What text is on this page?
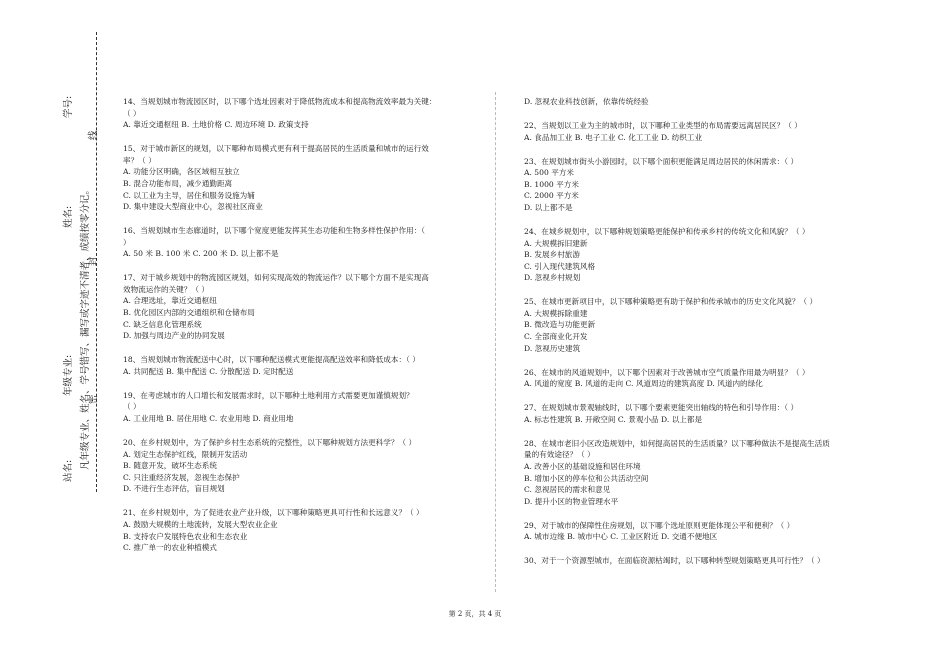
学号:
姓名:
年级专业:
站名:
凡年级专业、姓名、学号错写、漏写或字迹不清者，成绩按零分记。
密
封
线
14、当规划城市物流园区时，以下哪个选址因素对于降低物流成本和提高物流效率最为关键：
（ ）
A. 靠近交通枢纽 B. 土地价格 C. 周边环境 D. 政策支持
15、对于城市新区的规划，以下哪种布局模式更有利于提高居民的生活质量和城市的运行效
率？（ ）
A. 功能分区明确，各区域相互独立
B. 混合功能布局，减少通勤距离
C. 以工业为主导，居住和服务设施为辅
D. 集中建设大型商业中心，忽视社区商业
16、当规划城市生态廊道时，以下哪个宽度更能发挥其生态功能和生物多样性保护作用：（
）
A. 50 米 B. 100 米 C. 200 米 D. 以上都不是
17、对于城乡规划中的物流园区规划，如何实现高效的物流运作？以下哪个方面不是实现高
效物流运作的关键？（ ）
A. 合理选址，靠近交通枢纽
B. 优化园区内部的交通组织和仓储布局
C. 缺乏信息化管理系统
D. 加强与周边产业的协同发展
18、当规划城市物流配送中心时，以下哪种配送模式更能提高配送效率和降低成本：（ ）
A. 共同配送 B. 集中配送 C. 分散配送 D. 定时配送
19、在考虑城市的人口增长和发展需求时，以下哪种土地利用方式需要更加谨慎规划？
（ ）
A. 工业用地 B. 居住用地 C. 农业用地 D. 商业用地
20、在乡村规划中，为了保护乡村生态系统的完整性，以下哪种规划方法更科学？（ ）
A. 划定生态保护红线，限制开发活动
B. 随意开发，破坏生态系统
C. 只注重经济发展，忽视生态保护
D. 不进行生态评估，盲目规划
21、在乡村规划中，为了促进农业产业升级，以下哪种策略更具可行性和长远意义？（ ）
A. 鼓励大规模的土地流转，发展大型农业企业
B. 支持农户发展特色农业和生态农业
C. 推广单一的农业种植模式
D. 忽视农业科技创新，依靠传统经验
22、当规划以工业为主的城市时，以下哪种工业类型的布局需要远离居民区？（ ）
A. 食品加工业 B. 电子工业 C. 化工工业 D. 纺织工业
23、在规划城市街头小游园时，以下哪个面积更能满足周边居民的休闲需求：（ ）
A. 500 平方米
B. 1000 平方米
C. 2000 平方米
D. 以上都不是
24、在城乡规划中，以下哪种规划策略更能保护和传承乡村的传统文化和风貌？（ ）
A. 大规模拆旧建新
B. 发展乡村旅游
C. 引入现代建筑风格
D. 忽视乡村规划
25、在城市更新项目中，以下哪种策略更有助于保护和传承城市的历史文化风貌？（ ）
A. 大规模拆除重建
B. 微改造与功能更新
C. 全部商业化开发
D. 忽视历史建筑
26、在城市的风道规划中，以下哪个因素对于改善城市空气质量作用最为明显？（ ）
A. 风道的宽度 B. 风道的走向 C. 风道周边的建筑高度 D. 风道内的绿化
27、在规划城市景观轴线时，以下哪个要素更能突出轴线的特色和引导作用：（ ）
A. 标志性建筑 B. 开敞空间 C. 景观小品 D. 以上都是
28、在城市老旧小区改造规划中，如何提高居民的生活质量？以下哪种做法不是提高生活质
量的有效途径？（ ）
A. 改善小区的基础设施和居住环境
B. 增加小区的停车位和公共活动空间
C. 忽视居民的需求和意见
D. 提升小区的物业管理水平
29、对于城市的保障性住房规划，以下哪个选址原则更能体现公平和便利？（ ）
A. 城市边缘 B. 城市中心 C. 工业区附近 D. 交通不便地区
30、对于一个资源型城市，在面临资源枯竭时，以下哪种转型规划策略更具可行性？（ ）
第 2 页，共 4 页
